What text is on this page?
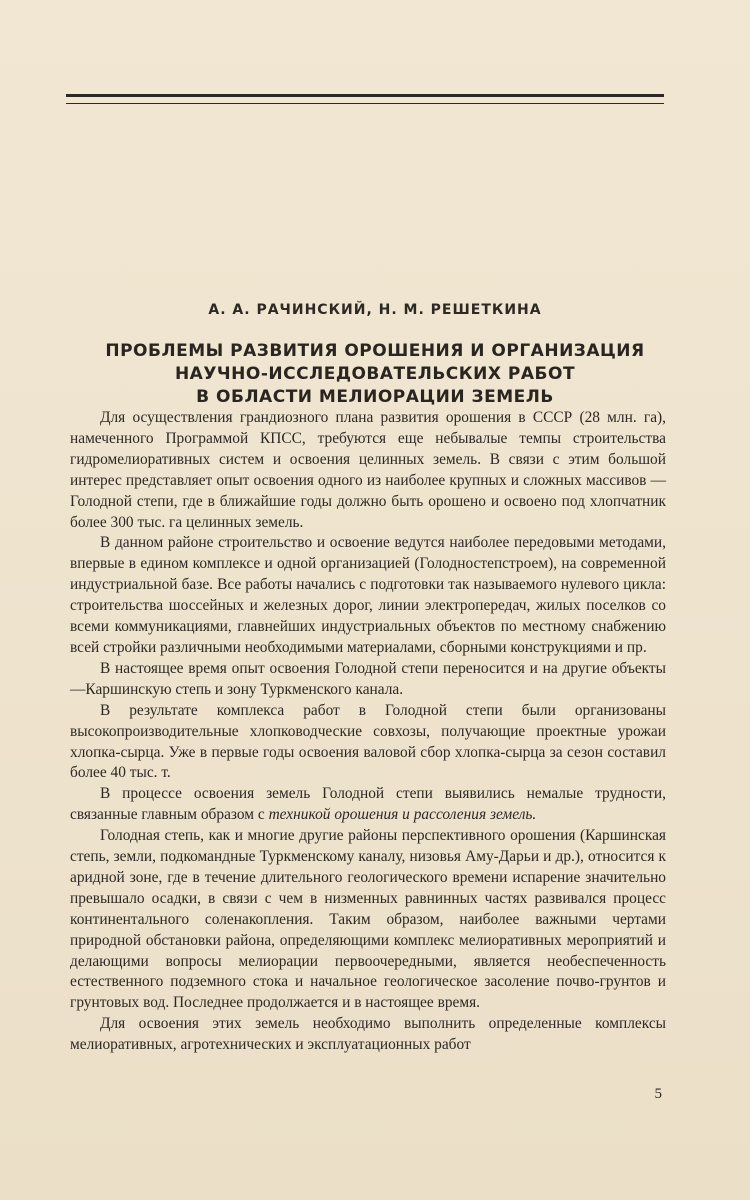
А. А. РАЧИНСКИЙ, Н. М. РЕШЕТКИНА
ПРОБЛЕМЫ РАЗВИТИЯ ОРОШЕНИЯ И ОРГАНИЗАЦИЯ
НАУЧНО-ИССЛЕДОВАТЕЛЬСКИХ РАБОТ
В ОБЛАСТИ МЕЛИОРАЦИИ ЗЕМЕЛЬ

Для осуществления грандиозного плана развития орошения в СССР (28 млн. га), намеченного Программой КПСС, требуются еще небывалые темпы строительства гидромелиоративных систем и освоения целинных земель. В связи с этим большой интерес представляет опыт освоения одного из наиболее крупных и сложных массивов — Голодной степи, где в ближайшие годы должно быть орошено и освоено под хлопчатник более 300 тыс. га целинных земель.

В данном районе строительство и освоение ведутся наиболее передовыми методами, впервые в едином комплексе и одной организацией (Голодностепстроем), на современной индустриальной базе. Все работы начались с подготовки так называемого нулевого цикла: строительства шоссейных и железных дорог, линии электропередач, жилых поселков со всеми коммуникациями, главнейших индустриальных объектов по местному снабжению всей стройки различными необходимыми материалами, сборными конструкциями и пр.

В настоящее время опыт освоения Голодной степи переносится и на другие объекты—Каршинскую степь и зону Туркменского канала.

В результате комплекса работ в Голодной степи были организованы высокопроизводительные хлопководческие совхозы, получающие проектные урожаи хлопка-сырца. Уже в первые годы освоения валовой сбор хлопка-сырца за сезон составил более 40 тыс. т.

В процессе освоения земель Голодной степи выявились немалые трудности, связанные главным образом с техникой орошения и рассоления земель.

Голодная степь, как и многие другие районы перспективного орошения (Каршинская степь, земли, подкомандные Туркменскому каналу, низовья Аму-Дарьи и др.), относится к аридной зоне, где в течение длительного геологического времени испарение значительно превышало осадки, в связи с чем в низменных равнинных частях развивался процесс континентального соленакопления. Таким образом, наиболее важными чертами природной обстановки района, определяющими комплекс мелиоративных мероприятий и делающими вопросы мелиорации первоочередными, является необеспеченность естественного подземного стока и начальное геологическое засоление почво-грунтов и грунтовых вод. Последнее продолжается и в настоящее время.

Для освоения этих земель необходимо выполнить определенные комплексы мелиоративных, агротехнических и эксплуатационных работ

5
